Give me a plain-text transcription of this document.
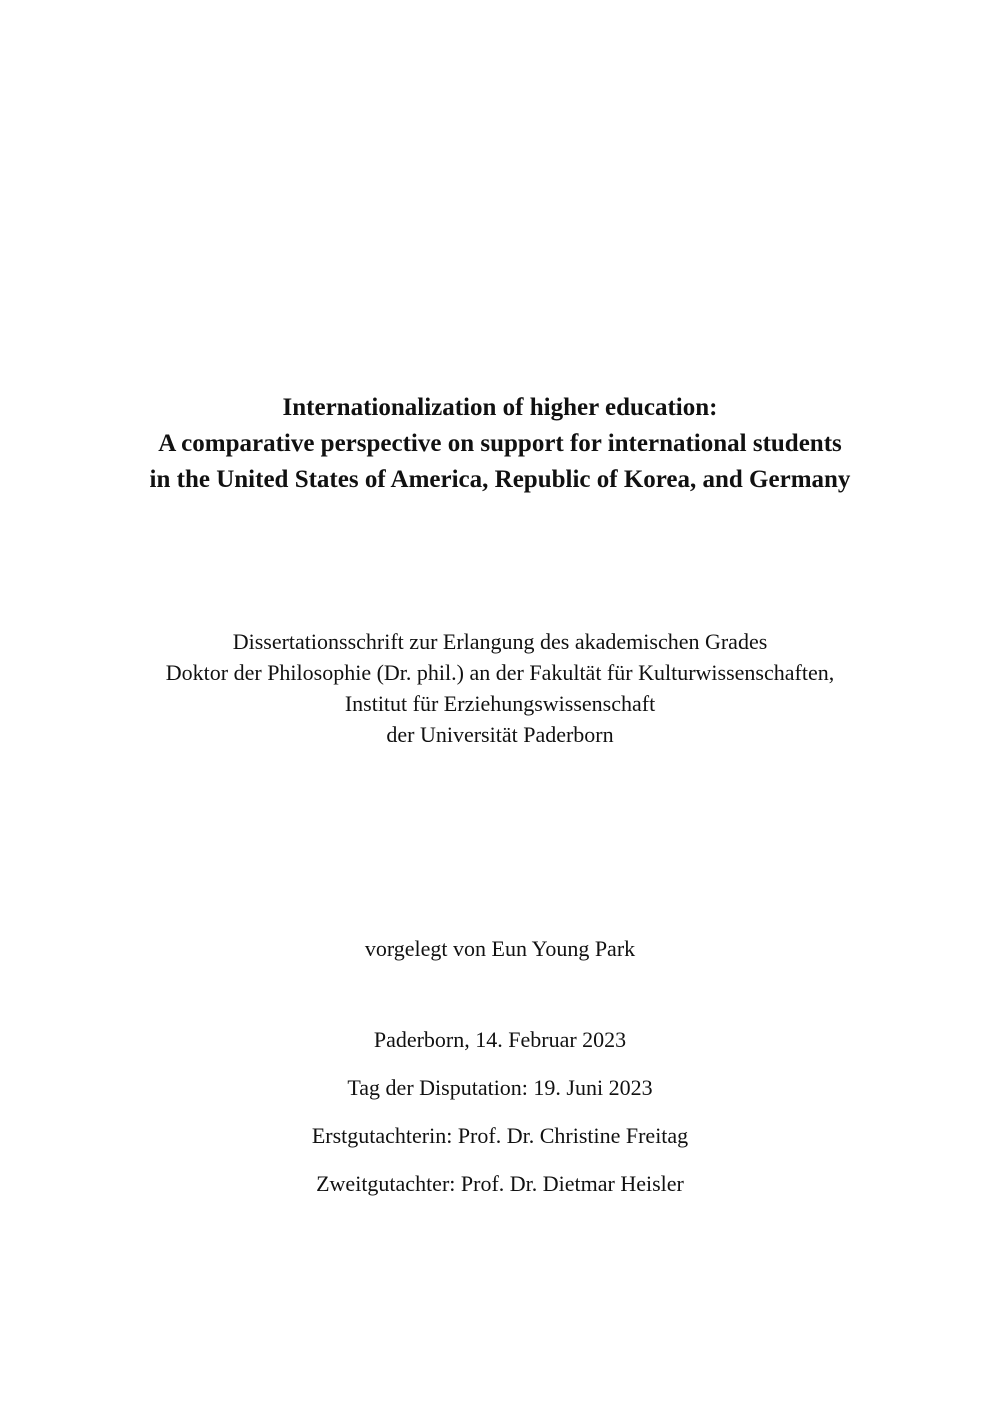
Internationalization of higher education:
A comparative perspective on support for international students
in the United States of America, Republic of Korea, and Germany
Dissertationsschrift zur Erlangung des akademischen Grades
Doktor der Philosophie (Dr. phil.) an der Fakultät für Kulturwissenschaften,
Institut für Erziehungswissenschaft
der Universität Paderborn
vorgelegt von Eun Young Park
Paderborn, 14. Februar 2023
Tag der Disputation: 19. Juni 2023
Erstgutachterin: Prof. Dr. Christine Freitag
Zweitgutachter: Prof. Dr. Dietmar Heisler
